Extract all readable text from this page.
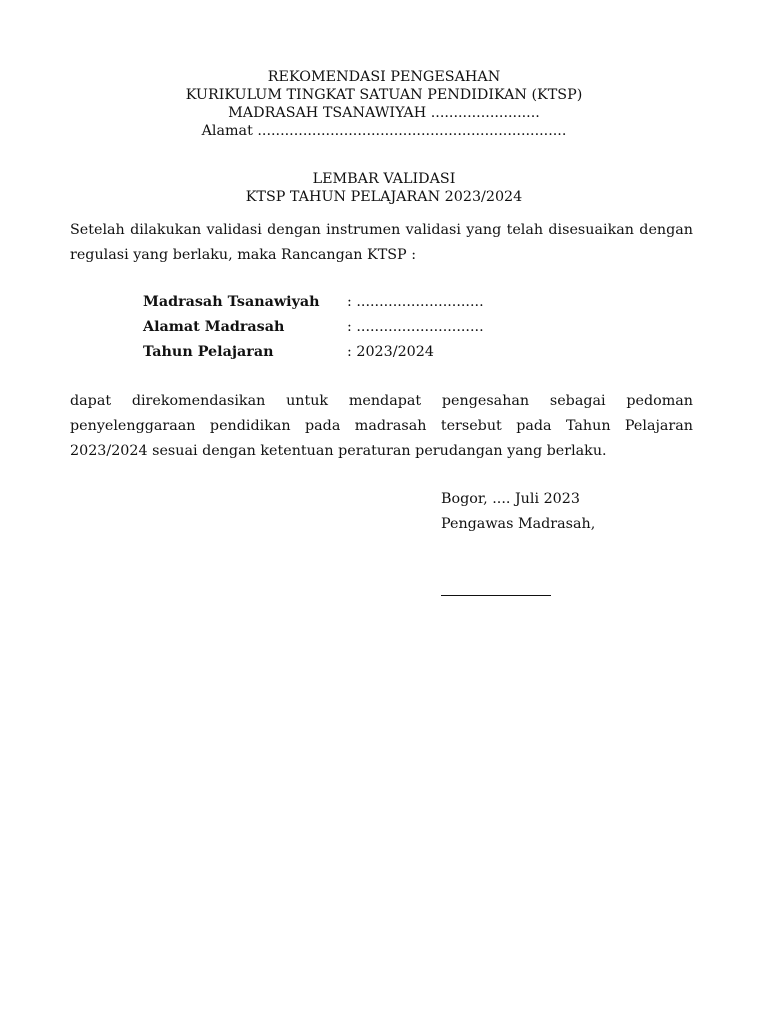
REKOMENDASI PENGESAHAN
KURIKULUM TINGKAT SATUAN PENDIDIKAN (KTSP)
MADRASAH TSANAWIYAH ........................
Alamat ....................................................................
LEMBAR VALIDASI
KTSP TAHUN PELAJARAN 2023/2024
Setelah dilakukan validasi dengan instrumen validasi yang telah disesuaikan dengan
regulasi yang berlaku, maka Rancangan KTSP :
Madrasah Tsanawiyah : ............................
Alamat Madrasah	: ............................
Tahun Pelajaran	: 2023/2024
dapat direkomendasikan untuk mendapat pengesahan sebagai pedoman
penyelenggaraan pendidikan pada madrasah tersebut pada Tahun Pelajaran
2023/2024 sesuai dengan ketentuan peraturan perudangan yang berlaku.
Bogor, .... Juli 2023
Pengawas Madrasah,
